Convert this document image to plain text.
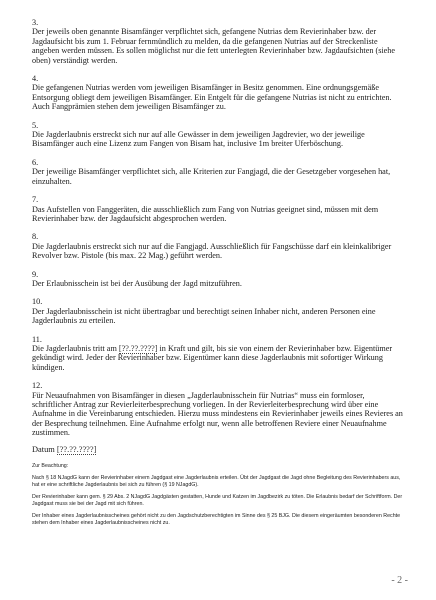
3.

Der jeweils oben genannte Bisamfänger verpflichtet sich, gefangene Nutrias dem Revierinhaber bzw. der Jagdaufsicht bis zum 1. Februar fernmündlich zu melden, da die gefangenen Nutrias auf der Streckenliste angeben werden müssen. Es sollen möglichst nur die fett unterlegten Revierinhaber bzw. Jagdaufsichten (siehe oben) verständigt werden.

4.

Die gefangenen Nutrias werden vom jeweiligen Bisamfänger in Besitz genommen. Eine ordnungsgemäße Entsorgung obliegt dem jeweiligen Bisamfänger. Ein Entgelt für die gefangene Nutrias ist nicht zu entrichten. Auch Fangprämien stehen dem jeweiligen Bisamfänger zu.

5.

Die Jagderlaubnis erstreckt sich nur auf alle Gewässer in dem jeweiligen Jagdrevier, wo der jeweilige Bisamfänger auch eine Lizenz zum Fangen von Bisam hat, inclusive 1m breiter Uferböschung.

6.

Der jeweilige Bisamfänger verpflichtet sich, alle Kriterien zur Fangjagd, die der Gesetzgeber vorgesehen hat, einzuhalten.

7.

Das Aufstellen von Fanggeräten, die ausschließlich zum Fang von Nutrias geeignet sind, müssen mit dem Revierinhaber bzw. der Jagdaufsicht abgesprochen werden.

8.

Die Jagderlaubnis erstreckt sich nur auf die Fangjagd. Ausschließlich für Fangschüsse darf ein kleinkalibriger Revolver bzw. Pistole (bis max. 22 Mag.) geführt werden.

9.

Der Erlaubnisschein ist bei der Ausübung der Jagd mitzuführen.

10.

Der Jagderlaubnisschein ist nicht übertragbar und berechtigt seinen Inhaber nicht, anderen Personen eine Jagderlaubnis zu erteilen.

11.

Die Jagderlaubnis tritt am [??.??.????] in Kraft und gilt, bis sie von einem der Revierinhaber bzw. Eigentümer gekündigt wird. Jeder der Revierinhaber bzw. Eigentümer kann diese Jagderlaubnis mit sofortiger Wirkung kündigen.

12.

Für Neuaufnahmen von Bisamfänger in diesen „Jagderlaubnisschein für Nutrias“ muss ein formloser, schriftlicher Antrag zur Revierleiterbesprechung vorliegen. In der Revierleiterbesprechung wird über eine Aufnahme in die Vereinbarung entschieden. Hierzu muss mindestens ein Revierinhaber jeweils eines Revieres an der Besprechung teilnehmen. Eine Aufnahme erfolgt nur, wenn alle betroffenen Reviere einer Neuaufnahme zustimmen.

Datum [??.??.????]

Zur Beachtung:

Nach § 18 NJagdG kann der Revierinhaber einem Jagdgast eine Jagderlaubnis erteilen. Übt der Jagdgast die Jagd ohne Begleitung des Revierinhabers aus, hat er eine schriftliche Jagderlaubnis bei sich zu führen (§ 19 NJagdG).

Der Revierinhaber kann gem. § 29 Abs. 2 NJagdG Jagdgästen gestatten, Hunde und Katzen im Jagdbezirk zu töten. Die Erlaubnis bedarf der Schriftform. Der Jagdgast muss sie bei der Jagd mit sich führen.

Der Inhaber eines Jagderlaubnisscheines gehört nicht zu den Jagdschutzberechtigten im Sinne des § 25 BJG. Die diesem eingeräumten besonderen Rechte stehen dem Inhaber eines Jagderlaubnisscheines nicht zu.

- 2 -
